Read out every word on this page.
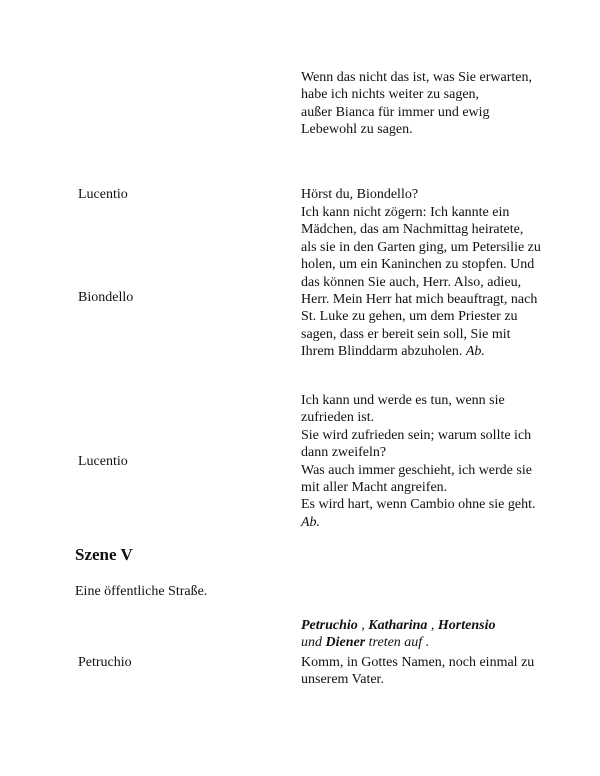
Wenn das nicht das ist, was Sie erwarten, habe ich nichts weiter zu sagen,
außer Bianca für immer und ewig Lebewohl zu sagen.
Lucentio	Hörst du, Biondello?
Biondello
Ich kann nicht zögern: Ich kannte ein Mädchen, das am Nachmittag heiratete, als sie in den Garten ging, um Petersilie zu holen, um ein Kaninchen zu stopfen. Und das können Sie auch, Herr. Also, adieu, Herr. Mein Herr hat mich beauftragt, nach St. Luke zu gehen, um dem Priester zu sagen, dass er bereit sein soll, Sie mit Ihrem Blinddarm abzuholen. Ab.
Lucentio
Ich kann und werde es tun, wenn sie zufrieden ist.
Sie wird zufrieden sein; warum sollte ich dann zweifeln?
Was auch immer geschieht, ich werde sie mit aller Macht angreifen.
Es wird hart, wenn Cambio ohne sie geht. Ab.
Szene V
Eine öffentliche Straße.
Petruchio , Katharina , Hortensio
und Diener treten auf .
Petruchio	Komm, in Gottes Namen, noch einmal zu unserem Vater.
